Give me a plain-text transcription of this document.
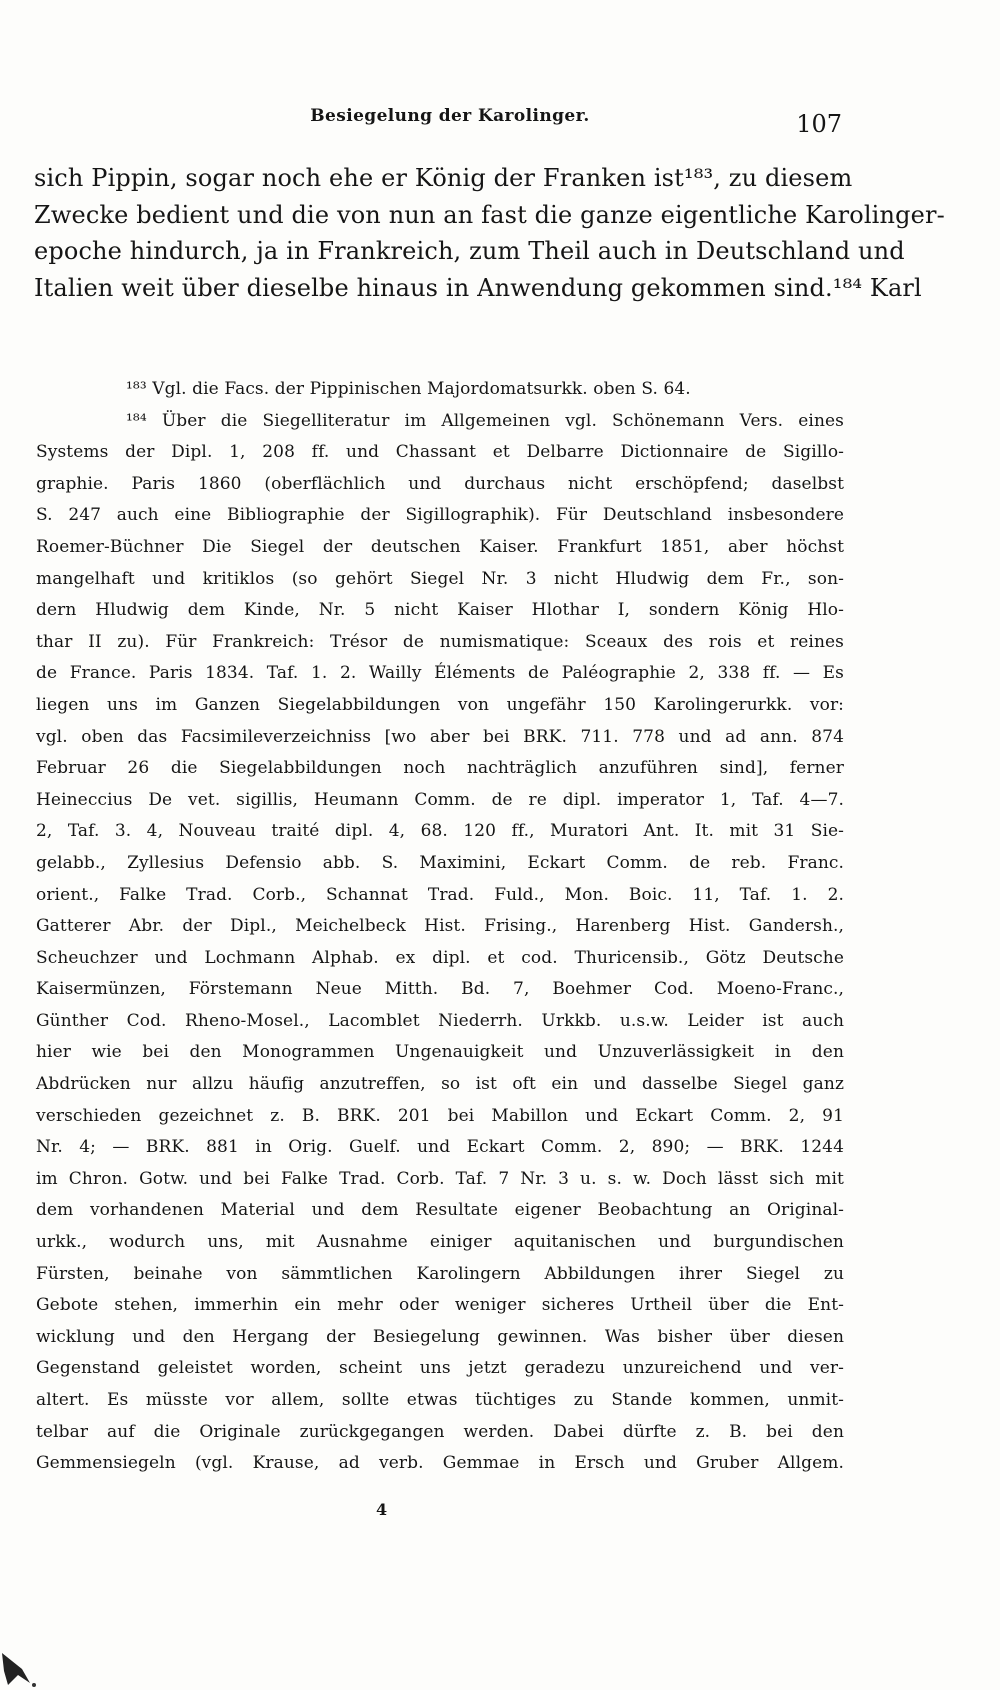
Besiegelung der Karolinger.	107
sich Pippin, sogar noch ehe er König der Franken ist¹⁸³, zu diesem
Zwecke bedient und die von nun an fast die ganze eigentliche Karolinger-
epoche hindurch, ja in Frankreich, zum Theil auch in Deutschland und
Italien weit über dieselbe hinaus in Anwendung gekommen sind.¹⁸⁴ Karl
¹⁸³ Vgl. die Facs. der Pippinischen Majordomatsurkk. oben S. 64.
¹⁸⁴ Über die Siegelliteratur im Allgemeinen vgl. Schönemann Vers. eines
Systems der Dipl. 1, 208 ff. und Chassant et Delbarre Dictionnaire de Sigillo-
graphie. Paris 1860 (oberflächlich und durchaus nicht erschöpfend; daselbst
S. 247 auch eine Bibliographie der Sigillographik). Für Deutschland insbesondere
Roemer-Büchner Die Siegel der deutschen Kaiser. Frankfurt 1851, aber höchst
mangelhaft und kritiklos (so gehört Siegel Nr. 3 nicht Hludwig dem Fr., son-
dern Hludwig dem Kinde, Nr. 5 nicht Kaiser Hlothar I, sondern König Hlo-
thar II zu). Für Frankreich: Trésor de numismatique: Sceaux des rois et reines
de France. Paris 1834. Taf. 1. 2. Wailly Éléments de Paléographie 2, 338 ff. — Es
liegen uns im Ganzen Siegelabbildungen von ungefähr 150 Karolingerurkk. vor:
vgl. oben das Facsimileverzeichniss [wo aber bei BRK. 711. 778 und ad ann. 874
Februar 26 die Siegelabbildungen noch nachträglich anzuführen sind], ferner
Heineccius De vet. sigillis, Heumann Comm. de re dipl. imperator 1, Taf. 4—7.
2, Taf. 3. 4, Nouveau traité dipl. 4, 68. 120 ff., Muratori Ant. It. mit 31 Sie-
gelabb., Zyllesius Defensio abb. S. Maximini, Eckart Comm. de reb. Franc.
orient., Falke Trad. Corb., Schannat Trad. Fuld., Mon. Boic. 11, Taf. 1. 2.
Gatterer Abr. der Dipl., Meichelbeck Hist. Frising., Harenberg Hist. Gandersh.,
Scheuchzer und Lochmann Alphab. ex dipl. et cod. Thuricensib., Götz Deutsche
Kaisermünzen, Förstemann Neue Mitth. Bd. 7, Boehmer Cod. Moeno-Franc.,
Günther Cod. Rheno-Mosel., Lacomblet Niederrh. Urkkb. u.s.w. Leider ist auch
hier wie bei den Monogrammen Ungenauigkeit und Unzuverlässigkeit in den
Abdrücken nur allzu häufig anzutreffen, so ist oft ein und dasselbe Siegel ganz
verschieden gezeichnet z. B. BRK. 201 bei Mabillon und Eckart Comm. 2, 91
Nr. 4; — BRK. 881 in Orig. Guelf. und Eckart Comm. 2, 890; — BRK. 1244
im Chron. Gotw. und bei Falke Trad. Corb. Taf. 7 Nr. 3 u. s. w. Doch lässt sich mit
dem vorhandenen Material und dem Resultate eigener Beobachtung an Original-
urkk., wodurch uns, mit Ausnahme einiger aquitanischen und burgundischen
Fürsten, beinahe von sämmtlichen Karolingern Abbildungen ihrer Siegel zu
Gebote stehen, immerhin ein mehr oder weniger sicheres Urtheil über die Ent-
wicklung und den Hergang der Besiegelung gewinnen. Was bisher über diesen
Gegenstand geleistet worden, scheint uns jetzt geradezu unzureichend und ver-
altert. Es müsste vor allem, sollte etwas tüchtiges zu Stande kommen, unmit-
telbar auf die Originale zurückgegangen werden. Dabei dürfte z. B. bei den
Gemmensiegeln (vgl. Krause, ad verb. Gemmae in Ersch und Gruber Allgem.
4
